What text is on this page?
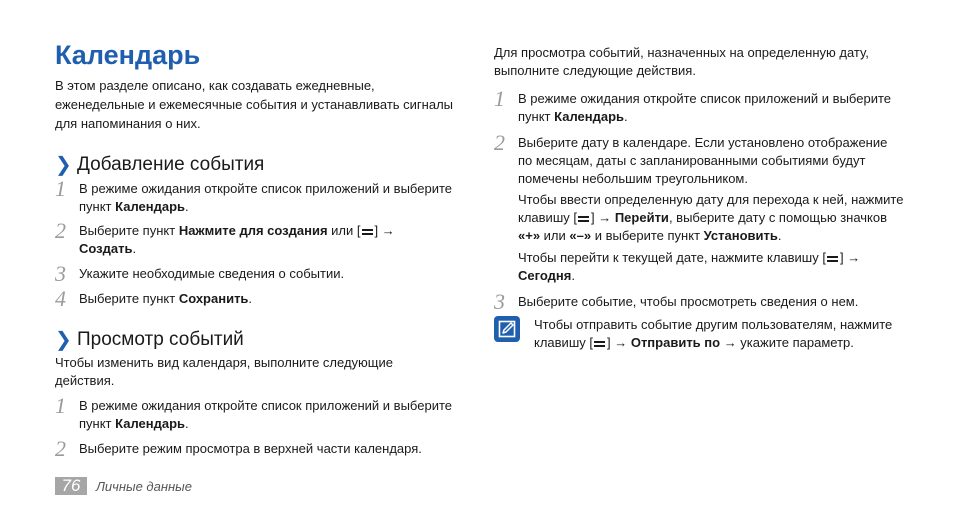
Календарь

В этом разделе описано, как создавать ежедневные, еженедельные и ежемесячные события и устанавливать сигналы для напоминания о них.

❯ Добавление события
1 В режиме ожидания откройте список приложений и выберите пункт Календарь.
2 Выберите пункт Нажмите для создания или [ ] → Создать.
3 Укажите необходимые сведения о событии.
4 Выберите пункт Сохранить.
❯ Просмотр событий

Чтобы изменить вид календаря, выполните следующие действия.

1 В режиме ожидания откройте список приложений и выберите пункт Календарь.
2 Выберите режим просмотра в верхней части календаря.

Для просмотра событий, назначенных на определенную дату, выполните следующие действия.

1 В режиме ожидания откройте список приложений и выберите пункт Календарь.
2 Выберите дату в календаре. Если установлено отображение по месяцам, даты с запланированными событиями будут помечены небольшим треугольником.
Чтобы ввести определенную дату для перехода к ней, нажмите клавишу [ ] → Перейти, выберите дату с помощью значков «+» или «–» и выберите пункт Установить.
Чтобы перейти к текущей дате, нажмите клавишу [ ] → Сегодня.
3 Выберите событие, чтобы просмотреть сведения о нем.
Чтобы отправить событие другим пользователям, нажмите клавишу [ ] → Отправить по → укажите параметр.
76	Личные данные
